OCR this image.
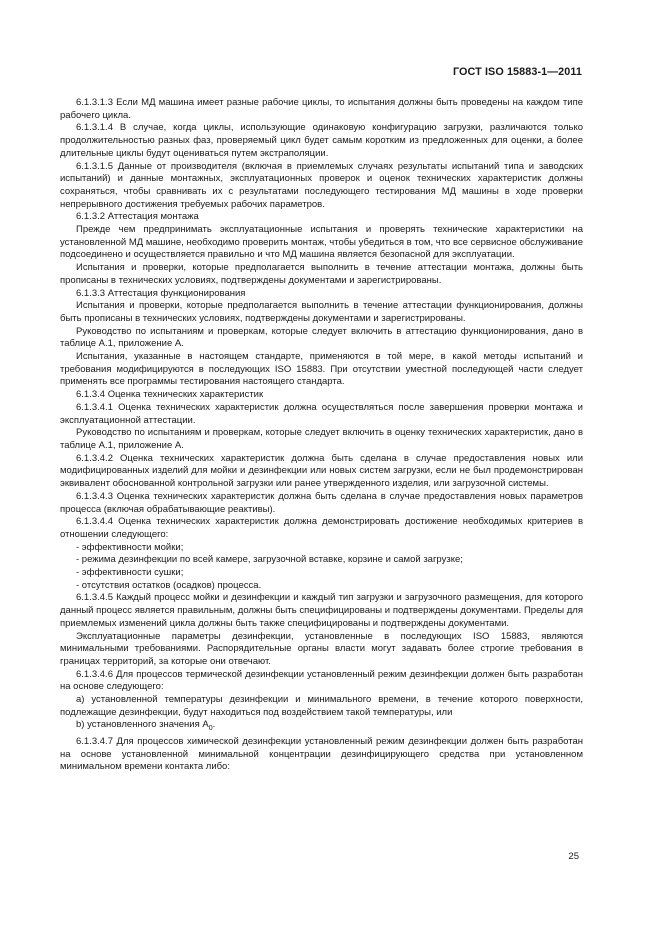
ГОСТ ISO 15883-1—2011

6.1.3.1.3 Если МД машина имеет разные рабочие циклы, то испытания должны быть проведены на каждом типе рабочего цикла.

6.1.3.1.4 В случае, когда циклы, использующие одинаковую конфигурацию загрузки, различаются только продолжительностью разных фаз, проверяемый цикл будет самым коротким из предложенных для оценки, а более длительные циклы будут оцениваться путем экстраполяции.

6.1.3.1.5 Данные от производителя (включая в приемлемых случаях результаты испытаний типа и заводских испытаний) и данные монтажных, эксплуатационных проверок и оценок технических характеристик должны сохраняться, чтобы сравнивать их с результатами последующего тестирования МД машины в ходе проверки непрерывного достижения требуемых рабочих параметров.

6.1.3.2 Аттестация монтажа

Прежде чем предпринимать эксплуатационные испытания и проверять технические характеристики на установленной МД машине, необходимо проверить монтаж, чтобы убедиться в том, что все сервисное обслуживание подсоединено и осуществляется правильно и что МД машина является безопасной для эксплуатации.

Испытания и проверки, которые предполагается выполнить в течение аттестации монтажа, должны быть прописаны в технических условиях, подтверждены документами и зарегистрированы.

6.1.3.3 Аттестация функционирования

Испытания и проверки, которые предполагается выполнить в течение аттестации функционирования, должны быть прописаны в технических условиях, подтверждены документами и зарегистрированы.

Руководство по испытаниям и проверкам, которые следует включить в аттестацию функционирования, дано в таблице А.1, приложение А.

Испытания, указанные в настоящем стандарте, применяются в той мере, в какой методы испытаний и требования модифицируются в последующих ISO 15883. При отсутствии уместной последующей части следует применять все программы тестирования настоящего стандарта.

6.1.3.4 Оценка технических характеристик

6.1.3.4.1 Оценка технических характеристик должна осуществляться после завершения проверки монтажа и эксплуатационной аттестации.

Руководство по испытаниям и проверкам, которые следует включить в оценку технических характеристик, дано в таблице А.1, приложение А.

6.1.3.4.2 Оценка технических характеристик должна быть сделана в случае предоставления новых или модифицированных изделий для мойки и дезинфекции или новых систем загрузки, если не был продемонстрирован эквивалент обоснованной контрольной загрузки или ранее утвержденного изделия, или загрузочной системы.

6.1.3.4.3 Оценка технических характеристик должна быть сделана в случае предоставления новых параметров процесса (включая обрабатывающие реактивы).

6.1.3.4.4 Оценка технических характеристик должна демонстрировать достижение необходимых критериев в отношении следующего:

- эффективности мойки;

- режима дезинфекции по всей камере, загрузочной вставке, корзине и самой загрузке;

- эффективности сушки;

- отсутствия остатков (осадков) процесса.

6.1.3.4.5 Каждый процесс мойки и дезинфекции и каждый тип загрузки и загрузочного размещения, для которого данный процесс является правильным, должны быть специфицированы и подтверждены документами. Пределы для приемлемых изменений цикла должны быть также специфицированы и подтверждены документами.

Эксплуатационные параметры дезинфекции, установленные в последующих ISO 15883, являются минимальными требованиями. Распорядительные органы власти могут задавать более строгие требования в границах территорий, за которые они отвечают.

6.1.3.4.6 Для процессов термической дезинфекции установленный режим дезинфекции должен быть разработан на основе следующего:

a) установленной температуры дезинфекции и минимального времени, в течение которого поверхности, подлежащие дезинфекции, будут находиться под воздействием такой температуры, или

b) установленного значения $A_0$.

6.1.3.4.7 Для процессов химической дезинфекции установленный режим дезинфекции должен быть разработан на основе установленной минимальной концентрации дезинфицирующего средства при установленном минимальном времени контакта либо:

25
